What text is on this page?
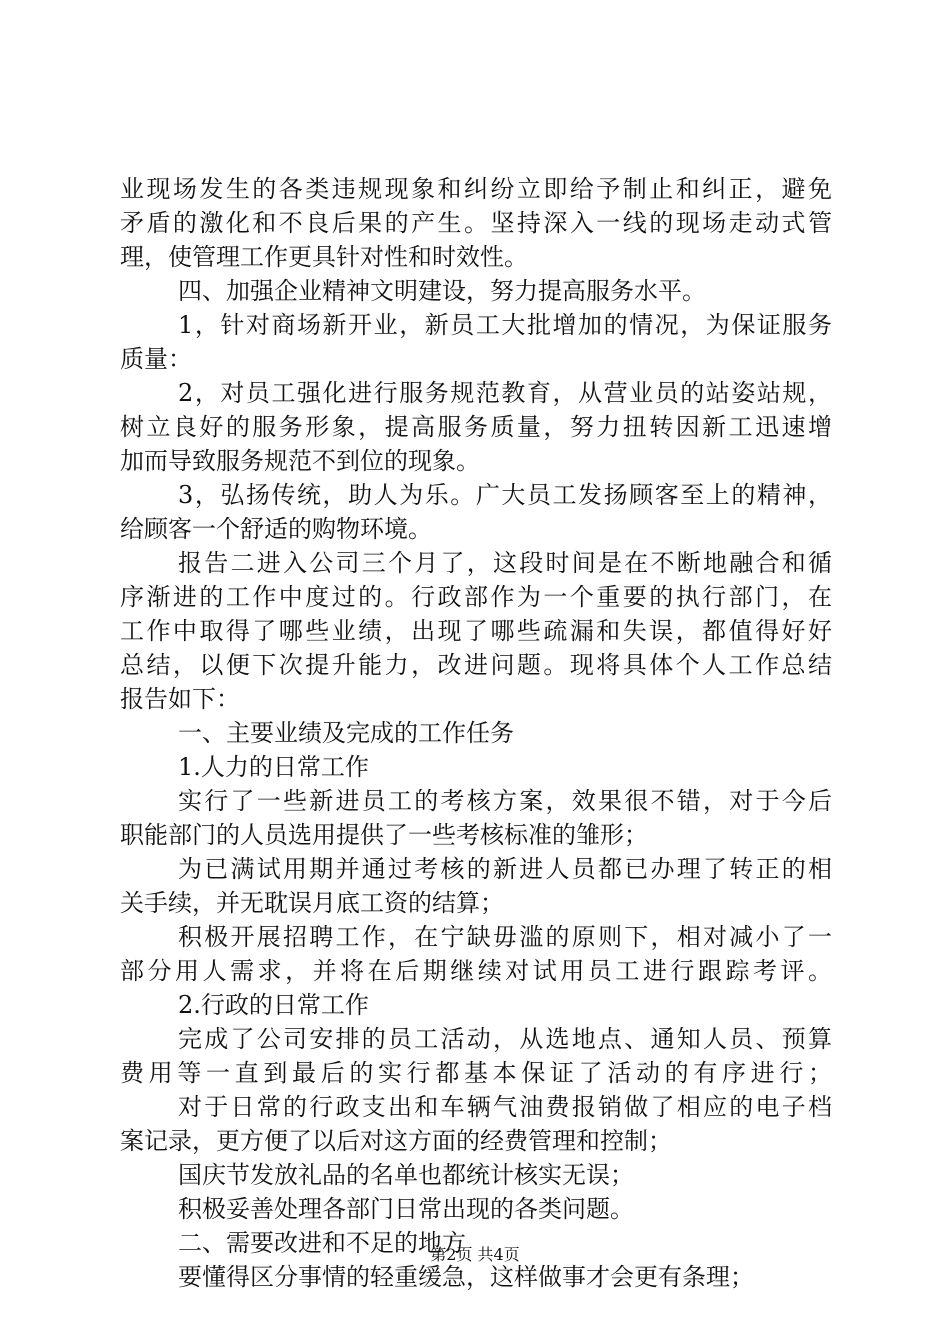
业现场发生的各类违规现象和纠纷立即给予制止和纠正，避免
矛盾的激化和不良后果的产生。坚持深入一线的现场走动式管
理，使管理工作更具针对性和时效性。
四、加强企业精神文明建设，努力提高服务水平。
1，针对商场新开业，新员工大批增加的情况，为保证服务
质量：
2，对员工强化进行服务规范教育，从营业员的站姿站规，
树立良好的服务形象，提高服务质量，努力扭转因新工迅速增
加而导致服务规范不到位的现象。
3，弘扬传统，助人为乐。广大员工发扬顾客至上的精神，
给顾客一个舒适的购物环境。
报告二进入公司三个月了，这段时间是在不断地融合和循
序渐进的工作中度过的。行政部作为一个重要的执行部门，在
工作中取得了哪些业绩，出现了哪些疏漏和失误，都值得好好
总结，以便下次提升能力，改进问题。现将具体个人工作总结
报告如下：
一、主要业绩及完成的工作任务
1.人力的日常工作
实行了一些新进员工的考核方案，效果很不错，对于今后
职能部门的人员选用提供了一些考核标准的雏形；
为已满试用期并通过考核的新进人员都已办理了转正的相
关手续，并无耽误月底工资的结算；
积极开展招聘工作，在宁缺毋滥的原则下，相对减小了一
部分用人需求，并将在后期继续对试用员工进行跟踪考评。
2.行政的日常工作
完成了公司安排的员工活动，从选地点、通知人员、预算
费用等一直到最后的实行都基本保证了活动的有序进行；
对于日常的行政支出和车辆气油费报销做了相应的电子档
案记录，更方便了以后对这方面的经费管理和控制；
国庆节发放礼品的名单也都统计核实无误；
积极妥善处理各部门日常出现的各类问题。
二、需要改进和不足的地方
要懂得区分事情的轻重缓急，这样做事才会更有条理；
第2页 共4页
